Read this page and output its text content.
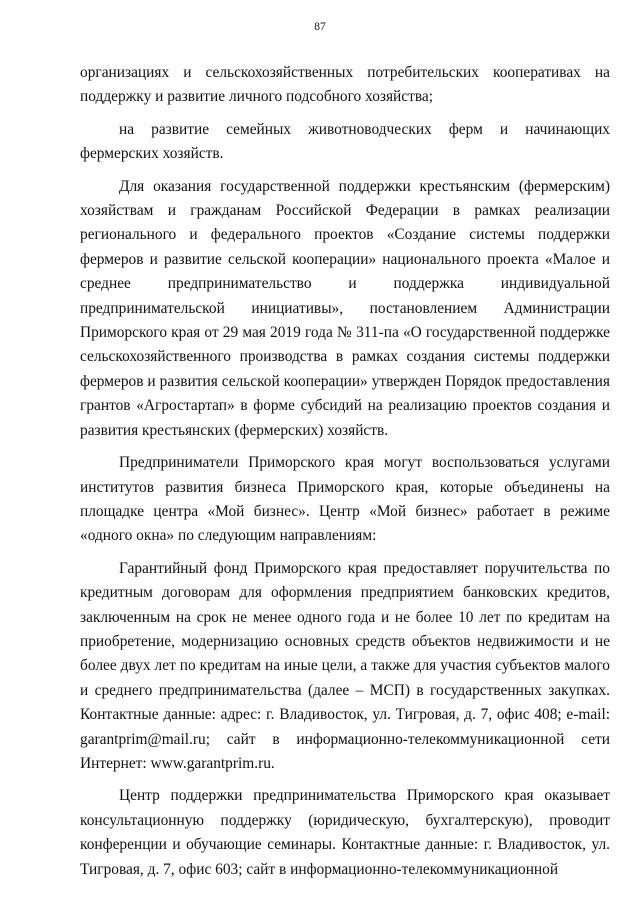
87

организациях и сельскохозяйственных потребительских кооперативах на поддержку и развитие личного подсобного хозяйства;

на развитие семейных животноводческих ферм и начинающих фермерских хозяйств.

Для оказания государственной поддержки крестьянским (фермерским) хозяйствам и гражданам Российской Федерации в рамках реализации регионального и федерального проектов «Создание системы поддержки фермеров и развитие сельской кооперации» национального проекта «Малое и среднее предпринимательство и поддержка индивидуальной предпринимательской инициативы», постановлением Администрации Приморского края от 29 мая 2019 года № 311-па «О государственной поддержке сельскохозяйственного производства в рамках создания системы поддержки фермеров и развития сельской кооперации» утвержден Порядок предоставления грантов «Агростартап» в форме субсидий на реализацию проектов создания и развития крестьянских (фермерских) хозяйств.

Предприниматели Приморского края могут воспользоваться услугами институтов развития бизнеса Приморского края, которые объединены на площадке центра «Мой бизнес». Центр «Мой бизнес» работает в режиме «одного окна» по следующим направлениям:

Гарантийный фонд Приморского края предоставляет поручительства по кредитным договорам для оформления предприятием банковских кредитов, заключенным на срок не менее одного года и не более 10 лет по кредитам на приобретение, модернизацию основных средств объектов недвижимости и не более двух лет по кредитам на иные цели, а также для участия субъектов малого и среднего предпринимательства (далее – МСП) в государственных закупках. Контактные данные: адрес: г. Владивосток, ул. Тигровая, д. 7, офис 408; e-mail: garantprim@mail.ru; сайт в информационно-телекоммуникационной сети Интернет: www.garantprim.ru.

Центр поддержки предпринимательства Приморского края оказывает консультационную поддержку (юридическую, бухгалтерскую), проводит конференции и обучающие семинары. Контактные данные: г. Владивосток, ул. Тигровая, д. 7, офис 603; сайт в информационно-телекоммуникационной
